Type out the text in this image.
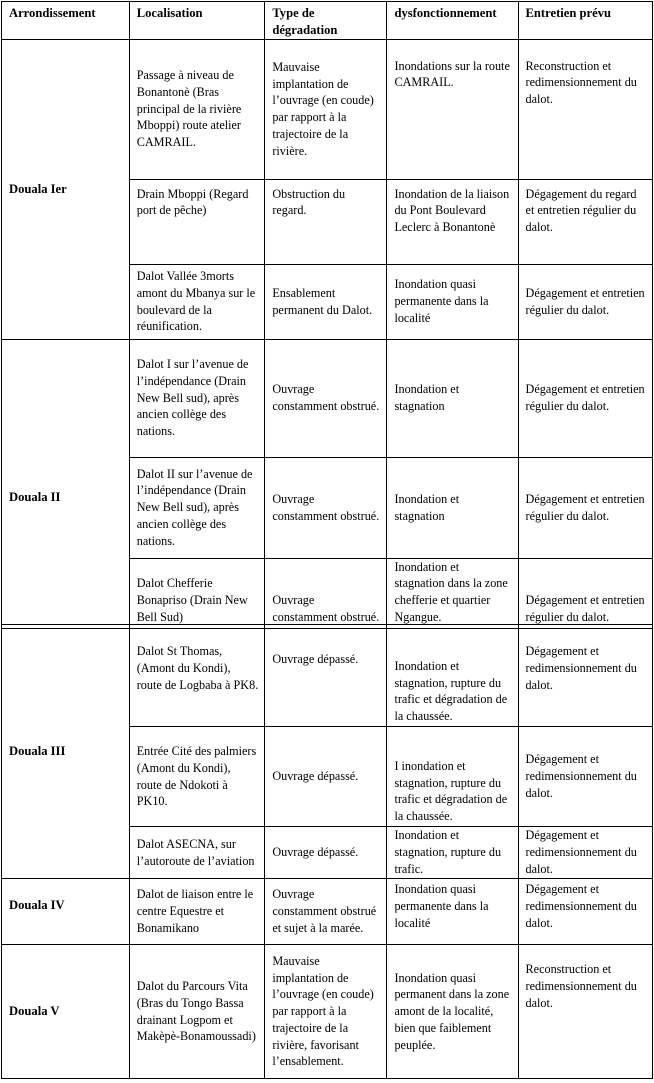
Arrondissement	Localisation	Type de dégradation	dysfonctionnement	Entretien prévu
Douala Ier	Passage à niveau de Bonantonè (Bras principal de la rivière Mboppi) route atelier CAMRAIL.	Mauvaise implantation de l’ouvrage (en coude) par rapport à la trajectoire de la rivière.	Inondations sur la route CAMRAIL.	Reconstruction et redimensionnement du dalot.
	Drain Mboppi (Regard port de pêche)	Obstruction du regard.	Inondation de la liaison du Pont Boulevard Leclerc à Bonantonè	Dégagement du regard et entretien régulier du dalot.
	Dalot Vallée 3morts amont du Mbanya sur le boulevard de la réunification.	Ensablement permanent du Dalot.	Inondation quasi permanente dans la localité	Dégagement et entretien régulier du dalot.
Douala II	Dalot I sur l’avenue de l’indépendance (Drain New Bell sud), après ancien collège des nations.	Ouvrage constamment obstrué.	Inondation et stagnation	Dégagement et entretien régulier du dalot.
	Dalot II sur l’avenue de l’indépendance (Drain New Bell sud), après ancien collège des nations.	Ouvrage constamment obstrué.	Inondation et stagnation	Dégagement et entretien régulier du dalot.
	Dalot Chefferie Bonapriso (Drain New Bell Sud)	Ouvrage constamment obstrué.	Inondation et stagnation dans la zone chefferie et quartier Ngangue.	Dégagement et entretien régulier du dalot.
Douala III	Dalot St Thomas, (Amont du Kondi), route de Logbaba à PK8.	Ouvrage dépassé.	Inondation et stagnation, rupture du trafic et dégradation de la chaussée.	Dégagement et redimensionnement du dalot.
	Entrée Cité des palmiers (Amont du Kondi), route de Ndokoti à PK10.	Ouvrage dépassé.	I inondation et stagnation, rupture du trafic et dégradation de la chaussée.	Dégagement et redimensionnement du dalot.
	Dalot ASECNA, sur l’autoroute de l’aviation	Ouvrage dépassé.	Inondation et stagnation, rupture du trafic.	Dégagement et redimensionnement du dalot.
Douala IV	Dalot de liaison entre le centre Equestre et Bonamikano	Ouvrage constamment obstrué et sujet à la marée.	Inondation quasi permanente dans la localité	Dégagement et redimensionnement du dalot.
Douala V	Dalot du Parcours Vita (Bras du Tongo Bassa drainant Logpom et Makèpè-Bonamoussadi)	Mauvaise implantation de l’ouvrage (en coude) par rapport à la trajectoire de la rivière, favorisant l’ensablement.	Inondation quasi permanent dans la zone amont de la localité, bien que faiblement peuplée.	Reconstruction et redimensionnement du dalot.
